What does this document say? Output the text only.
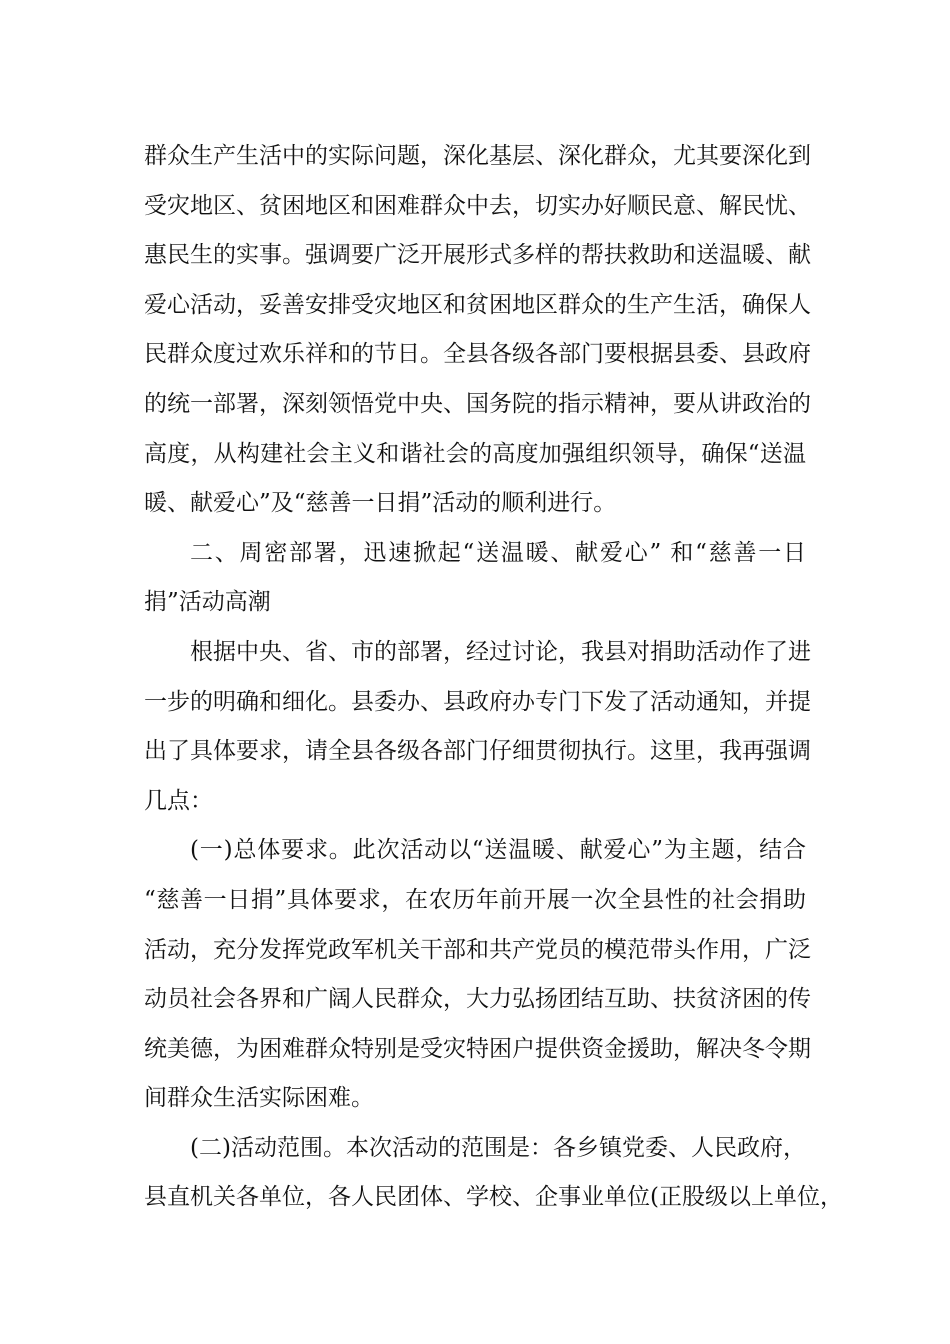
群众生产生活中的实际问题，深化基层、深化群众，尤其要深化到
受灾地区、贫困地区和困难群众中去，切实办好顺民意、解民忧、
惠民生的实事。强调要广泛开展形式多样的帮扶救助和送温暖、献
爱心活动，妥善安排受灾地区和贫困地区群众的生产生活，确保人
民群众度过欢乐祥和的节日。全县各级各部门要根据县委、县政府
的统一部署，深刻领悟党中央、国务院的指示精神，要从讲政治的
高度，从构建社会主义和谐社会的高度加强组织领导，确保“送温
暖、献爱心”及“慈善一日捐”活动的顺利进行。
二、周密部署，迅速掀起“送温暖、献爱心” 和“慈善一日
捐”活动高潮
根据中央、省、市的部署，经过讨论，我县对捐助活动作了进
一步的明确和细化。县委办、县政府办专门下发了活动通知，并提
出了具体要求，请全县各级各部门仔细贯彻执行。这里，我再强调
几点：
(一)总体要求。此次活动以“送温暖、献爱心”为主题，结合
“慈善一日捐”具体要求，在农历年前开展一次全县性的社会捐助
活动，充分发挥党政军机关干部和共产党员的模范带头作用，广泛
动员社会各界和广阔人民群众，大力弘扬团结互助、扶贫济困的传
统美德，为困难群众特别是受灾特困户提供资金援助，解决冬令期
间群众生活实际困难。
(二)活动范围。本次活动的范围是：各乡镇党委、人民政府，
县直机关各单位，各人民团体、学校、企事业单位(正股级以上单位，
